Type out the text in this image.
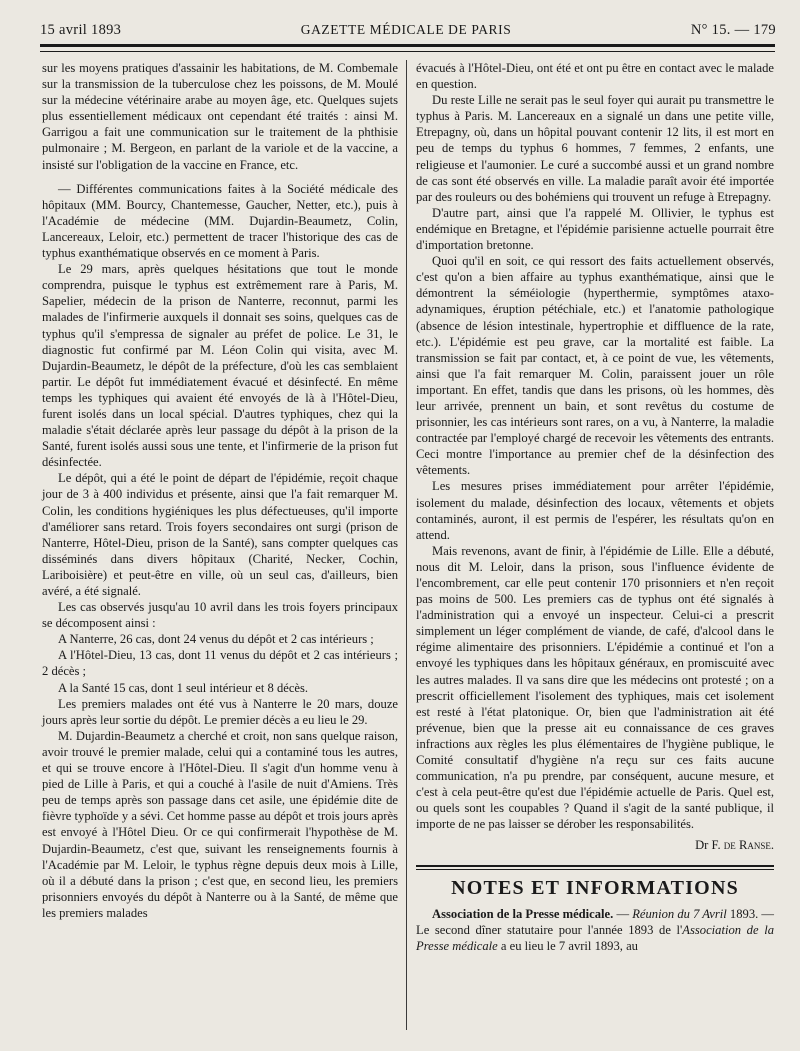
15 avril 1893	GAZETTE MÉDICALE DE PARIS	N° 15. — 179

sur les moyens pratiques d'assainir les habitations, de M. Combemale sur la transmission de la tuberculose chez les poissons, de M. Moulé sur la médecine vétérinaire arabe au moyen âge, etc. Quelques sujets plus essentiellement médicaux ont cependant été traités : ainsi M. Garrigou a fait une communication sur le traitement de la phthisie pulmonaire ; M. Bergeon, en parlant de la variole et de la vaccine, a insisté sur l'obligation de la vaccine en France, etc.

— Différentes communications faites à la Société médicale des hôpitaux (MM. Bourcy, Chantemesse, Gaucher, Netter, etc.), puis à l'Académie de médecine (MM. Dujardin-Beaumetz, Colin, Lancereaux, Leloir, etc.) permettent de tracer l'historique des cas de typhus exanthématique observés en ce moment à Paris.

Le 29 mars, après quelques hésitations que tout le monde comprendra, puisque le typhus est extrêmement rare à Paris, M. Sapelier, médecin de la prison de Nanterre, reconnut, parmi les malades de l'infirmerie auxquels il donnait ses soins, quelques cas de typhus qu'il s'empressa de signaler au préfet de police. Le 31, le diagnostic fut confirmé par M. Léon Colin qui visita, avec M. Dujardin-Beaumetz, le dépôt de la préfecture, d'où les cas semblaient partir. Le dépôt fut immédiatement évacué et désinfecté. En même temps les typhiques qui avaient été envoyés de là à l'Hôtel-Dieu, furent isolés dans un local spécial. D'autres typhiques, chez qui la maladie s'était déclarée après leur passage du dépôt à la prison de la Santé, furent isolés aussi sous une tente, et l'infirmerie de la prison fut désinfectée.

Le dépôt, qui a été le point de départ de l'épidémie, reçoit chaque jour de 3 à 400 individus et présente, ainsi que l'a fait remarquer M. Colin, les conditions hygiéniques les plus défectueuses, qu'il importe d'améliorer sans retard. Trois foyers secondaires ont surgi (prison de Nanterre, Hôtel-Dieu, prison de la Santé), sans compter quelques cas disséminés dans divers hôpitaux (Charité, Necker, Cochin, Lariboisière) et peut-être en ville, où un seul cas, d'ailleurs, bien avéré, a été signalé.

Les cas observés jusqu'au 10 avril dans les trois foyers principaux se décomposent ainsi :

A Nanterre, 26 cas, dont 24 venus du dépôt et 2 cas intérieurs ;

A l'Hôtel-Dieu, 13 cas, dont 11 venus du dépôt et 2 cas intérieurs ; 2 décès ;

A la Santé 15 cas, dont 1 seul intérieur et 8 décès.

Les premiers malades ont été vus à Nanterre le 20 mars, douze jours après leur sortie du dépôt. Le premier décès a eu lieu le 29.

M. Dujardin-Beaumetz a cherché et croit, non sans quelque raison, avoir trouvé le premier malade, celui qui a contaminé tous les autres, et qui se trouve encore à l'Hôtel-Dieu. Il s'agit d'un homme venu à pied de Lille à Paris, et qui a couché à l'asile de nuit d'Amiens. Très peu de temps après son passage dans cet asile, une épidémie dite de fièvre typhoïde y a sévi. Cet homme passe au dépôt et trois jours après est envoyé à l'Hôtel Dieu. Or ce qui confirmerait l'hypothèse de M. Dujardin-Beaumetz, c'est que, suivant les renseignements fournis à l'Académie par M. Leloir, le typhus règne depuis deux mois à Lille, où il a débuté dans la prison ; c'est que, en second lieu, les premiers prisonniers envoyés du dépôt à Nanterre ou à la Santé, de même que les premiers malades

évacués à l'Hôtel-Dieu, ont été et ont pu être en contact avec le malade en question.

Du reste Lille ne serait pas le seul foyer qui aurait pu transmettre le typhus à Paris. M. Lancereaux en a signalé un dans une petite ville, Etrepagny, où, dans un hôpital pouvant contenir 12 lits, il est mort en peu de temps du typhus 6 hommes, 7 femmes, 2 enfants, une religieuse et l'aumonier. Le curé a succombé aussi et un grand nombre de cas sont été observés en ville. La maladie paraît avoir été importée par des rouleurs ou des bohémiens qui trouvent un refuge à Etrepagny.

D'autre part, ainsi que l'a rappelé M. Ollivier, le typhus est endémique en Bretagne, et l'épidémie parisienne actuelle pourrait être d'importation bretonne.

Quoi qu'il en soit, ce qui ressort des faits actuellement observés, c'est qu'on a bien affaire au typhus exanthématique, ainsi que le démontrent la séméiologie (hyperthermie, symptômes ataxo-adynamiques, éruption pétéchiale, etc.) et l'anatomie pathologique (absence de lésion intestinale, hypertrophie et diffluence de la rate, etc.). L'épidémie est peu grave, car la mortalité est faible. La transmission se fait par contact, et, à ce point de vue, les vêtements, ainsi que l'a fait remarquer M. Colin, paraissent jouer un rôle important. En effet, tandis que dans les prisons, où les hommes, dès leur arrivée, prennent un bain, et sont revêtus du costume de prisonnier, les cas intérieurs sont rares, on a vu, à Nanterre, la maladie contractée par l'employé chargé de recevoir les vêtements des entrants. Ceci montre l'importance au premier chef de la désinfection des vêtements.

Les mesures prises immédiatement pour arrêter l'épidémie, isolement du malade, désinfection des locaux, vêtements et objets contaminés, auront, il est permis de l'espérer, les résultats qu'on en attend.

Mais revenons, avant de finir, à l'épidémie de Lille. Elle a débuté, nous dit M. Leloir, dans la prison, sous l'influence évidente de l'encombrement, car elle peut contenir 170 prisonniers et n'en reçoit pas moins de 500. Les premiers cas de typhus ont été signalés à l'administration qui a envoyé un inspecteur. Celui-ci a prescrit simplement un léger complément de viande, de café, d'alcool dans le régime alimentaire des prisonniers. L'épidémie a continué et l'on a envoyé les typhiques dans les hôpitaux généraux, en promiscuité avec les autres malades. Il va sans dire que les médecins ont protesté ; on a prescrit officiellement l'isolement des typhiques, mais cet isolement est resté à l'état platonique. Or, bien que l'administration ait été prévenue, bien que la presse ait eu connaissance de ces graves infractions aux règles les plus élémentaires de l'hygiène publique, le Comité consultatif d'hygiène n'a reçu sur ces faits aucune communication, n'a pu prendre, par conséquent, aucune mesure, et c'est à cela peut-être qu'est due l'épidémie actuelle de Paris. Quel est, ou quels sont les coupables ? Quand il s'agit de la santé publique, il importe de ne pas laisser se dérober les responsabilités.

Dr F. de Ranse.
NOTES ET INFORMATIONS

Association de la Presse médicale. — Réunion du 7 Avril 1893. — Le second dîner statutaire pour l'année 1893 de l'Association de la Presse médicale a eu lieu le 7 avril 1893, au
